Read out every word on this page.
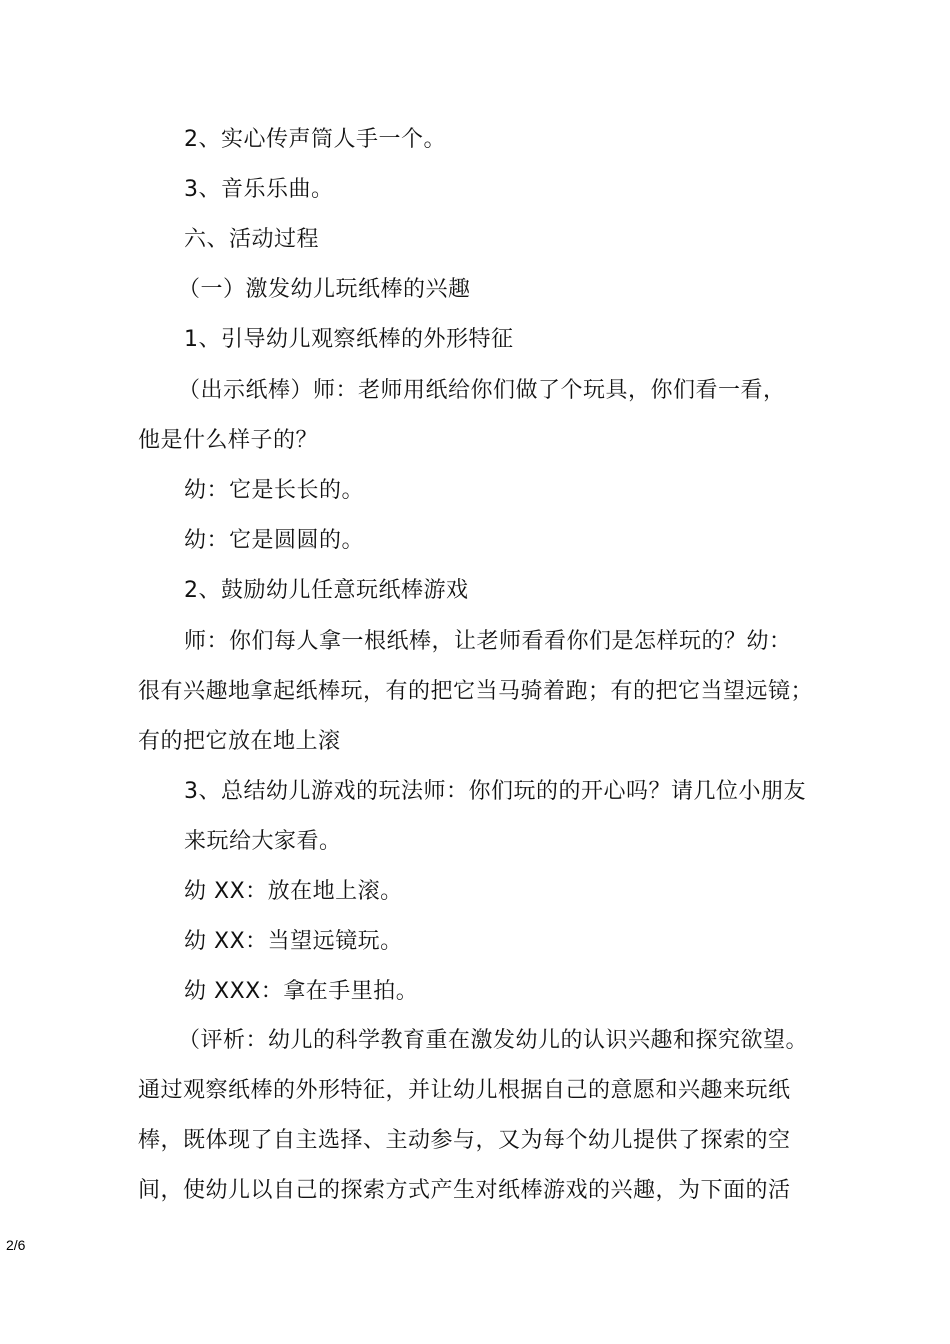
2、实心传声筒人手一个。
3、音乐乐曲。
六、活动过程
（一）激发幼儿玩纸棒的兴趣
1、引导幼儿观察纸棒的外形特征
（出示纸棒）师：老师用纸给你们做了个玩具，你们看一看，
他是什么样子的？
幼：它是长长的。
幼：它是圆圆的。
2、鼓励幼儿任意玩纸棒游戏
师：你们每人拿一根纸棒，让老师看看你们是怎样玩的？幼：
很有兴趣地拿起纸棒玩，有的把它当马骑着跑；有的把它当望远镜；
有的把它放在地上滚
3、总结幼儿游戏的玩法师：你们玩的的开心吗？请几位小朋友
来玩给大家看。
幼 XX：放在地上滚。
幼 XX：当望远镜玩。
幼 XXX：拿在手里拍。
（评析：幼儿的科学教育重在激发幼儿的认识兴趣和探究欲望。
通过观察纸棒的外形特征，并让幼儿根据自己的意愿和兴趣来玩纸
棒，既体现了自主选择、主动参与，又为每个幼儿提供了探索的空
间，使幼儿以自己的探索方式产生对纸棒游戏的兴趣，为下面的活
2/6
